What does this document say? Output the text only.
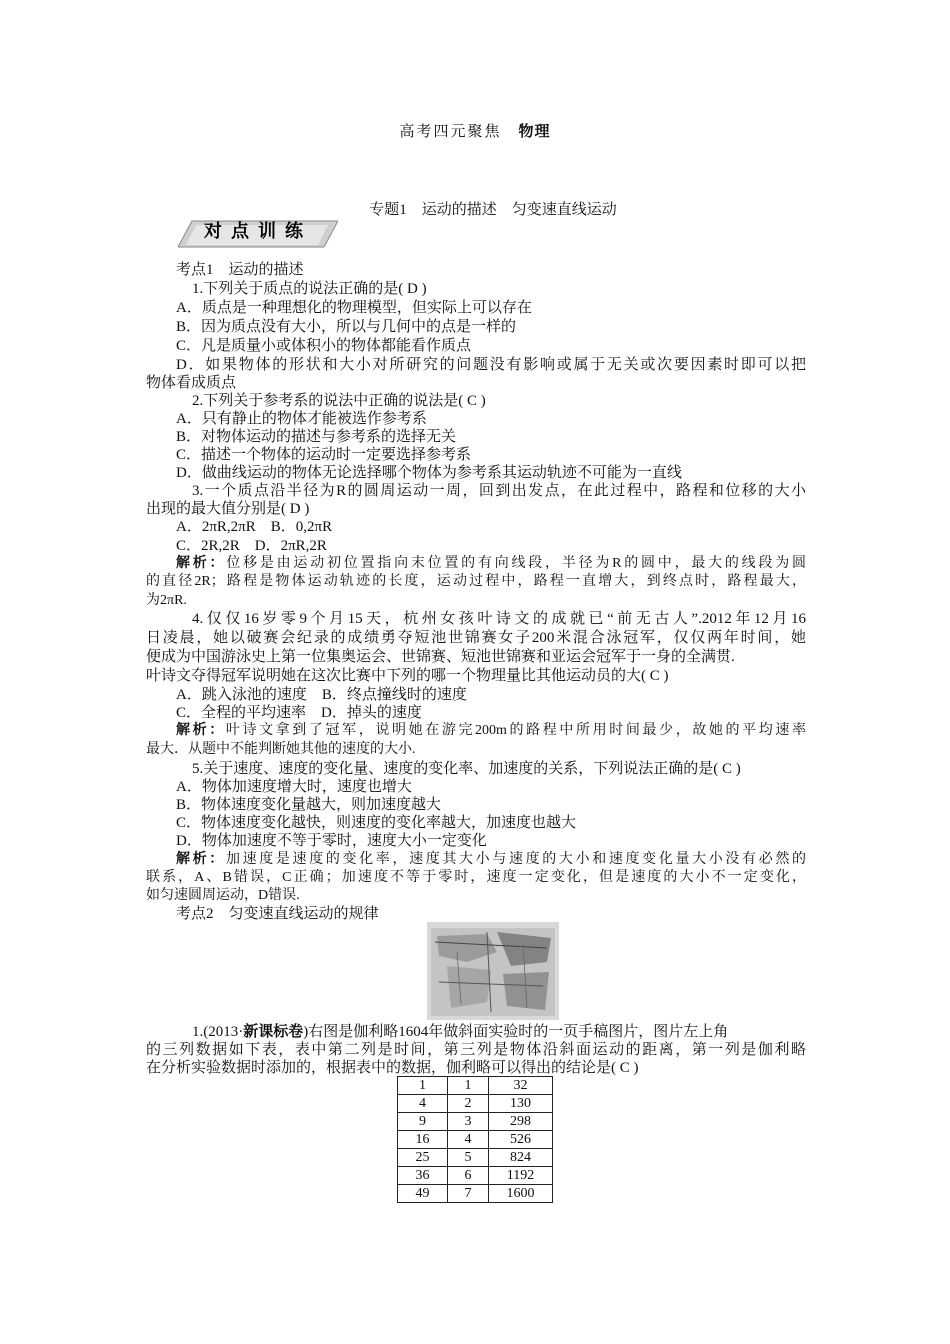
高考四元聚焦　 物理
专题1　运动的描述　匀变速直线运动
对点训练
考点1　运动的描述
1.下列关于质点的说法正确的是( D )
A．质点是一种理想化的物理模型，但实际上可以存在
B．因为质点没有大小，所以与几何中的点是一样的
C．凡是质量小或体积小的物体都能看作质点
D．如果物体的形状和大小对所研究的问题没有影响或属于无关或次要因素时即可以把
物体看成质点
2.下列关于参考系的说法中正确的说法是( C )
A．只有静止的物体才能被选作参考系
B．对物体运动的描述与参考系的选择无关
C．描述一个物体的运动时一定要选择参考系
D．做曲线运动的物体无论选择哪个物体为参考系其运动轨迹不可能为一直线
3.一个质点沿半径为R的圆周运动一周，回到出发点，在此过程中，路程和位移的大小
出现的最大值分别是( D )
A．2πR,2πR　B．0,2πR
C．2R,2R　D．2πR,2R
解析：位移是由运动初位置指向末位置的有向线段，半径为R的圆中，最大的线段为圆
的直径2R；路程是物体运动轨迹的长度，运动过程中，路程一直增大，到终点时，路程最大，
为2πR.
4.仅仅16岁零9个月15天，杭州女孩叶诗文的成就已“前无古人”.2012年12月16
日凌晨，她以破赛会纪录的成绩勇夺短池世锦赛女子200米混合泳冠军，仅仅两年时间，她
便成为中国游泳史上第一位集奥运会、世锦赛、短池世锦赛和亚运会冠军于一身的全满贯.
叶诗文夺得冠军说明她在这次比赛中下列的哪一个物理量比其他运动员的大( C )
A．跳入泳池的速度　B．终点撞线时的速度
C．全程的平均速率　D．掉头的速度
解析：叶诗文拿到了冠军，说明她在游完200m的路程中所用时间最少，故她的平均速率
最大．从题中不能判断她其他的速度的大小.
5.关于速度、速度的变化量、速度的变化率、加速度的关系，下列说法正确的是( C )
A．物体加速度增大时，速度也增大
B．物体速度变化量越大，则加速度越大
C．物体速度变化越快，则速度的变化率越大，加速度也越大
D．物体加速度不等于零时，速度大小一定变化
解析：加速度是速度的变化率，速度其大小与速度的大小和速度变化量大小没有必然的
联系，A、B错误，C正确；加速度不等于零时，速度一定变化，但是速度的大小不一定变化，
如匀速圆周运动，D错误.
考点2　匀变速直线运动的规律
1.(2013·新课标卷)右图是伽利略1604年做斜面实验时的一页手稿图片，图片左上角
的三列数据如下表，表中第二列是时间，第三列是物体沿斜面运动的距离，第一列是伽利略
在分析实验数据时添加的，根据表中的数据，伽利略可以得出的结论是( C )
1	1	32
4	2	130
9	3	298
16	4	526
25	5	824
36	6	1192
49	7	1600
